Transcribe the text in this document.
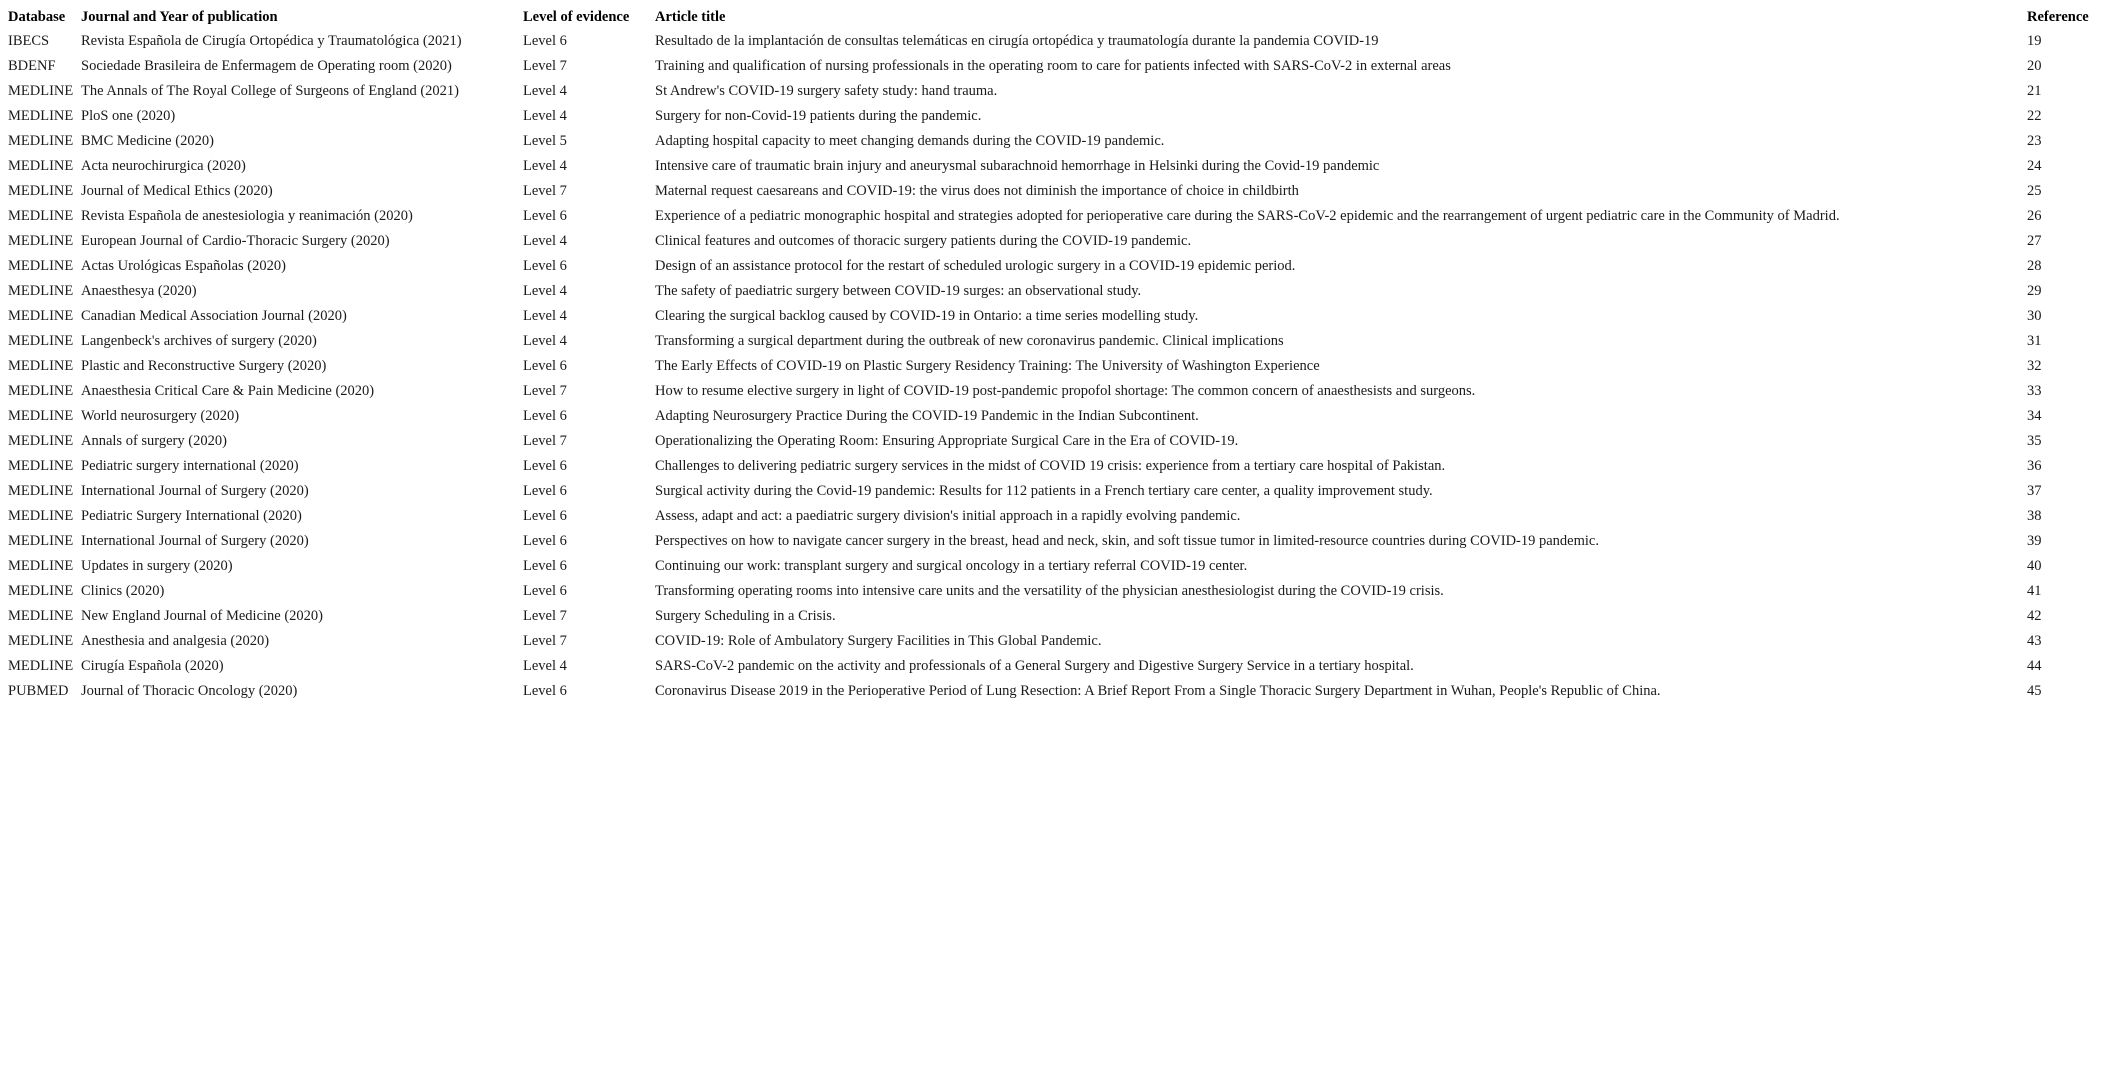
Database	Journal and Year of publication	Level of evidence	Article title	Reference
IBECS	Revista Española de Cirugía Ortopédica y Traumatológica (2021)	Level 6	Resultado de la implantación de consultas telemáticas en cirugía ortopédica y traumatología durante la pandemia COVID-19	19
BDENF	Sociedade Brasileira de Enfermagem de Operating room (2020)	Level 7	Training and qualification of nursing professionals in the operating room to care for patients infected with SARS-CoV-2 in external areas	20
MEDLINE	The Annals of The Royal College of Surgeons of England (2021)	Level 4	St Andrew's COVID-19 surgery safety study: hand trauma.	21
MEDLINE	PloS one (2020)	Level 4	Surgery for non-Covid-19 patients during the pandemic.	22
MEDLINE	BMC Medicine (2020)	Level 5	Adapting hospital capacity to meet changing demands during the COVID-19 pandemic.	23
MEDLINE	Acta neurochirurgica (2020)	Level 4	Intensive care of traumatic brain injury and aneurysmal subarachnoid hemorrhage in Helsinki during the Covid-19 pandemic	24
MEDLINE	Journal of Medical Ethics (2020)	Level 7	Maternal request caesareans and COVID-19: the virus does not diminish the importance of choice in childbirth	25
MEDLINE	Revista Española de anestesiologia y reanimación (2020)	Level 6	Experience of a pediatric monographic hospital and strategies adopted for perioperative care during the SARS-CoV-2 epidemic and the rearrangement of urgent pediatric care in the Community of Madrid.	26
MEDLINE	European Journal of Cardio-Thoracic Surgery (2020)	Level 4	Clinical features and outcomes of thoracic surgery patients during the COVID-19 pandemic.	27
MEDLINE	Actas Urológicas Españolas (2020)	Level 6	Design of an assistance protocol for the restart of scheduled urologic surgery in a COVID-19 epidemic period.	28
MEDLINE	Anaesthesya (2020)	Level 4	The safety of paediatric surgery between COVID-19 surges: an observational study.	29
MEDLINE	Canadian Medical Association Journal (2020)	Level 4	Clearing the surgical backlog caused by COVID-19 in Ontario: a time series modelling study.	30
MEDLINE	Langenbeck's archives of surgery (2020)	Level 4	Transforming a surgical department during the outbreak of new coronavirus pandemic. Clinical implications	31
MEDLINE	Plastic and Reconstructive Surgery (2020)	Level 6	The Early Effects of COVID-19 on Plastic Surgery Residency Training: The University of Washington Experience	32
MEDLINE	Anaesthesia Critical Care & Pain Medicine (2020)	Level 7	How to resume elective surgery in light of COVID-19 post-pandemic propofol shortage: The common concern of anaesthesists and surgeons.	33
MEDLINE	World neurosurgery (2020)	Level 6	Adapting Neurosurgery Practice During the COVID-19 Pandemic in the Indian Subcontinent.	34
MEDLINE	Annals of surgery (2020)	Level 7	Operationalizing the Operating Room: Ensuring Appropriate Surgical Care in the Era of COVID-19.	35
MEDLINE	Pediatric surgery international (2020)	Level 6	Challenges to delivering pediatric surgery services in the midst of COVID 19 crisis: experience from a tertiary care hospital of Pakistan.	36
MEDLINE	International Journal of Surgery (2020)	Level 6	Surgical activity during the Covid-19 pandemic: Results for 112 patients in a French tertiary care center, a quality improvement study.	37
MEDLINE	Pediatric Surgery International (2020)	Level 6	Assess, adapt and act: a paediatric surgery division's initial approach in a rapidly evolving pandemic.	38
MEDLINE	International Journal of Surgery (2020)	Level 6	Perspectives on how to navigate cancer surgery in the breast, head and neck, skin, and soft tissue tumor in limited-resource countries during COVID-19 pandemic.	39
MEDLINE	Updates in surgery (2020)	Level 6	Continuing our work: transplant surgery and surgical oncology in a tertiary referral COVID-19 center.	40
MEDLINE	Clinics (2020)	Level 6	Transforming operating rooms into intensive care units and the versatility of the physician anesthesiologist during the COVID-19 crisis.	41
MEDLINE	New England Journal of Medicine (2020)	Level 7	Surgery Scheduling in a Crisis.	42
MEDLINE	Anesthesia and analgesia (2020)	Level 7	COVID-19: Role of Ambulatory Surgery Facilities in This Global Pandemic.	43
MEDLINE	Cirugía Española (2020)	Level 4	SARS-CoV-2 pandemic on the activity and professionals of a General Surgery and Digestive Surgery Service in a tertiary hospital.	44
PUBMED	Journal of Thoracic Oncology (2020)	Level 6	Coronavirus Disease 2019 in the Perioperative Period of Lung Resection: A Brief Report From a Single Thoracic Surgery Department in Wuhan, People's Republic of China.	45
